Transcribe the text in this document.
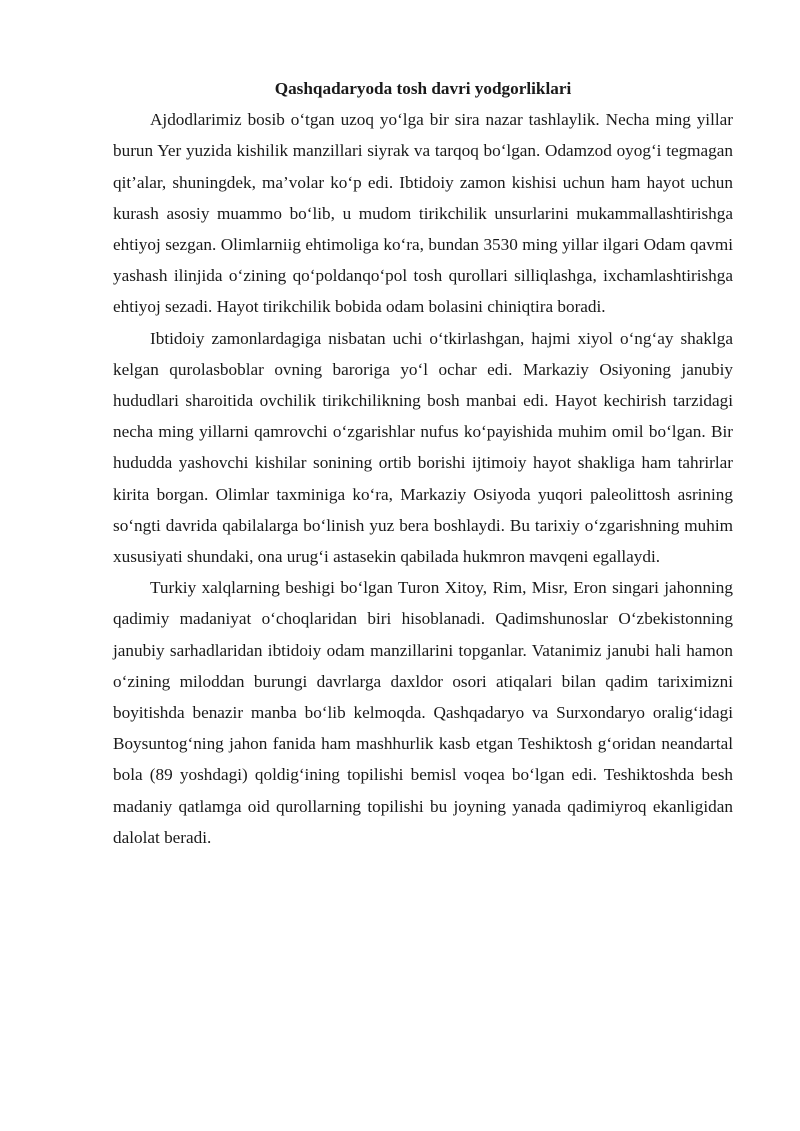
Qashqadaryoda tosh davri yodgorliklari

Ajdodlarimiz bosib o‘tgan uzoq yo‘lga bir sira nazar tashlaylik. Necha ming yillar burun Yer yuzida kishilik manzillari siyrak va tarqoq bo‘lgan. Odamzod oyog‘i tegmagan qit’alar, shuningdek, ma’volar ko‘p edi. Ibtidoiy zamon kishisi uchun ham hayot uchun kurash asosiy muammo bo‘lib, u mudom tirikchilik unsurlarini mukammallashtirishga ehtiyoj sezgan. Olimlarniig ehtimoliga ko‘ra, bundan 3530 ming yillar ilgari Odam qavmi yashash ilinjida o‘zining qo‘poldanqo‘pol tosh qurollari silliqlashga, ixchamlashtirishga ehtiyoj sezadi. Hayot tirikchilik bobida odam bolasini chiniqtira boradi.

Ibtidoiy zamonlardagiga nisbatan uchi o‘tkirlashgan, hajmi xiyol o‘ng‘ay shaklga kelgan qurolasboblar ovning baroriga yo‘l ochar edi. Markaziy Osiyoning janubiy hududlari sharoitida ovchilik tirikchilikning bosh manbai edi. Hayot kechirish tarzidagi necha ming yillarni qamrovchi o‘zgarishlar nufus ko‘payishida muhim omil bo‘lgan. Bir hududda yashovchi kishilar sonining ortib borishi ijtimoiy hayot shakliga ham tahrirlar kirita borgan. Olimlar taxminiga ko‘ra, Markaziy Osiyoda yuqori paleolittosh asrining so‘ngti davrida qabilalarga bo‘linish yuz bera boshlaydi. Bu tarixiy o‘zgarishning muhim xususiyati shundaki, ona urug‘i astasekin qabilada hukmron mavqeni egallaydi.

Turkiy xalqlarning beshigi bo‘lgan Turon Xitoy, Rim, Misr, Eron singari jahonning qadimiy madaniyat o‘choqlaridan biri hisoblanadi. Qadimshunoslar O‘zbekistonning janubiy sarhadlaridan ibtidoiy odam manzillarini topganlar. Vatanimiz janubi hali hamon o‘zining miloddan burungi davrlarga daxldor osori atiqalari bilan qadim tariximizni boyitishda benazir manba bo‘lib kelmoqda. Qashqadaryo va Surxondaryo oralig‘idagi Boysuntog‘ning jahon fanida ham mashhurlik kasb etgan Teshiktosh g‘oridan neandartal bola (89 yoshdagi) qoldig‘ining topilishi bemisl voqea bo‘lgan edi. Teshiktoshda besh madaniy qatlamga oid qurollarning topilishi bu joyning yanada qadimiyroq ekanligidan dalolat beradi.
